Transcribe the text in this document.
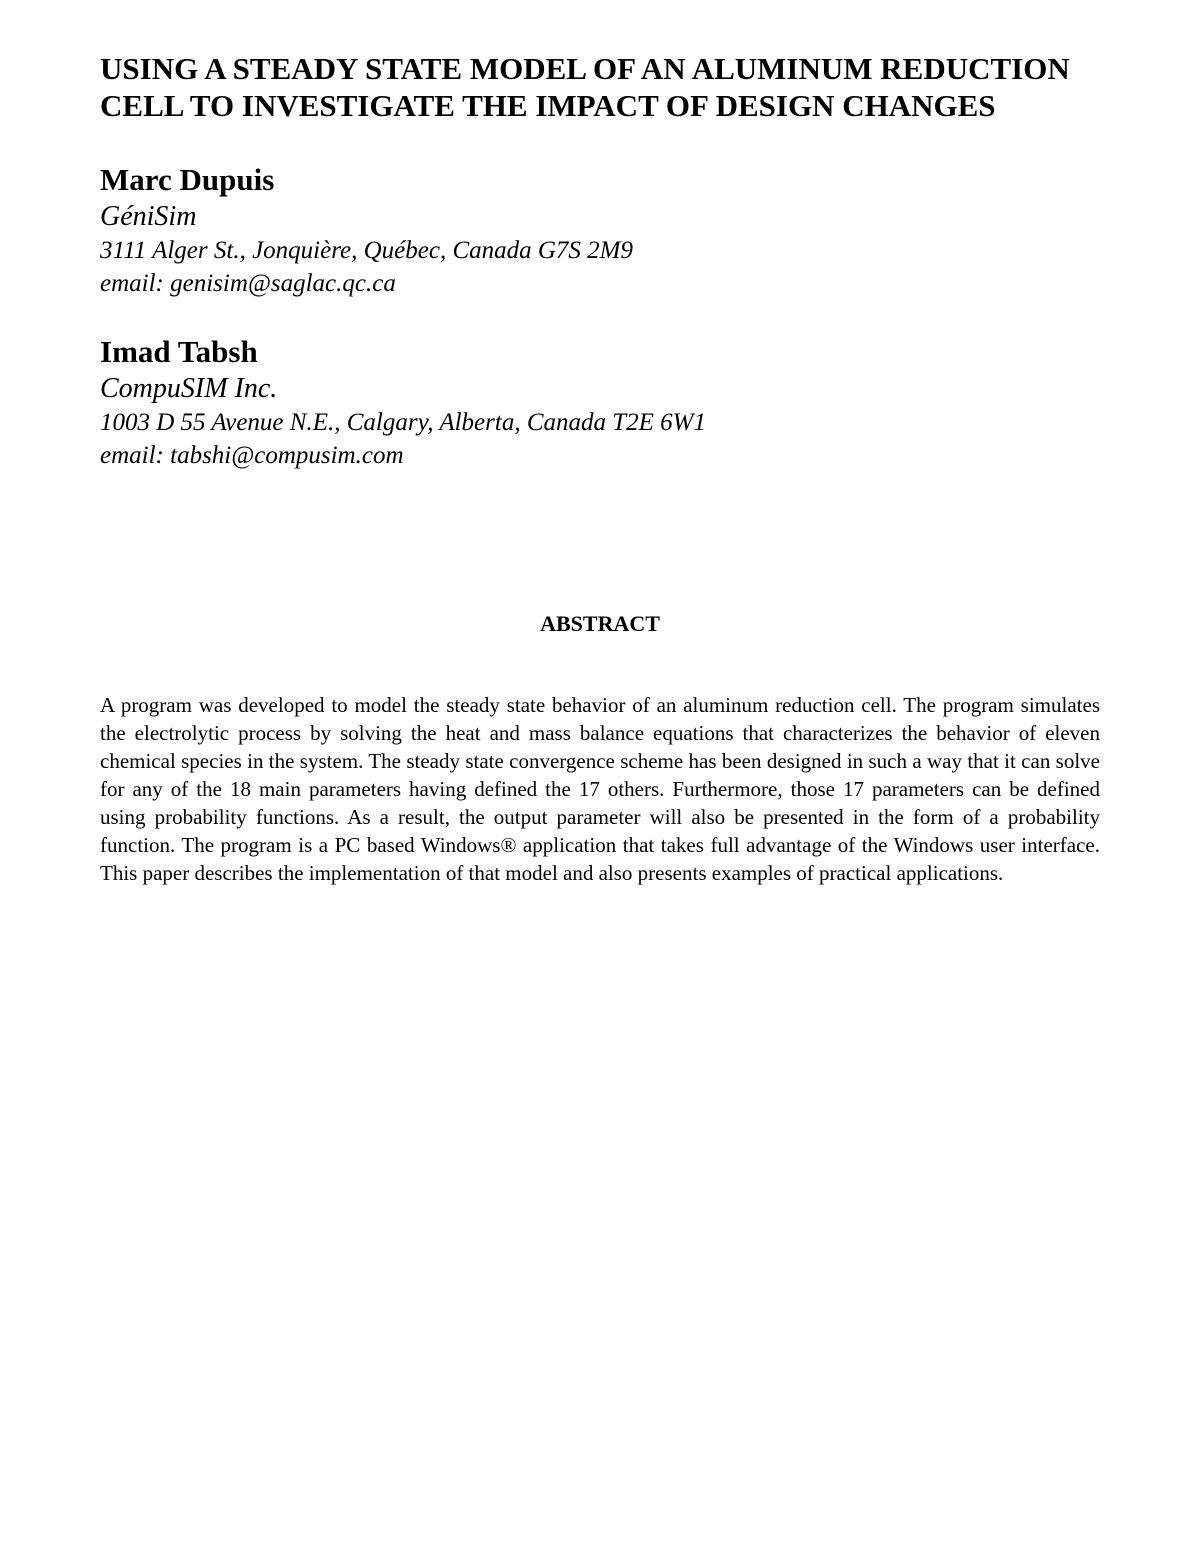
USING A STEADY STATE MODEL OF AN ALUMINUM REDUCTION
CELL TO INVESTIGATE THE IMPACT OF DESIGN CHANGES

Marc Dupuis

GéniSim

3111 Alger St., Jonquière, Québec, Canada G7S 2M9

email: genisim@saglac.qc.ca

Imad Tabsh

CompuSIM Inc.

1003 D 55 Avenue N.E., Calgary, Alberta, Canada T2E 6W1

email: tabshi@compusim.com

ABSTRACT

A program was developed to model the steady state behavior of an aluminum reduction cell. The program simulates the electrolytic process by solving the heat and mass balance equations that characterizes the behavior of eleven chemical species in the system. The steady state convergence scheme has been designed in such a way that it can solve for any of the 18 main parameters having defined the 17 others. Furthermore, those 17 parameters can be defined using probability functions. As a result, the output parameter will also be presented in the form of a probability function. The program is a PC based Windows® application that takes full advantage of the Windows user interface. This paper describes the implementation of that model and also presents examples of practical applications.
